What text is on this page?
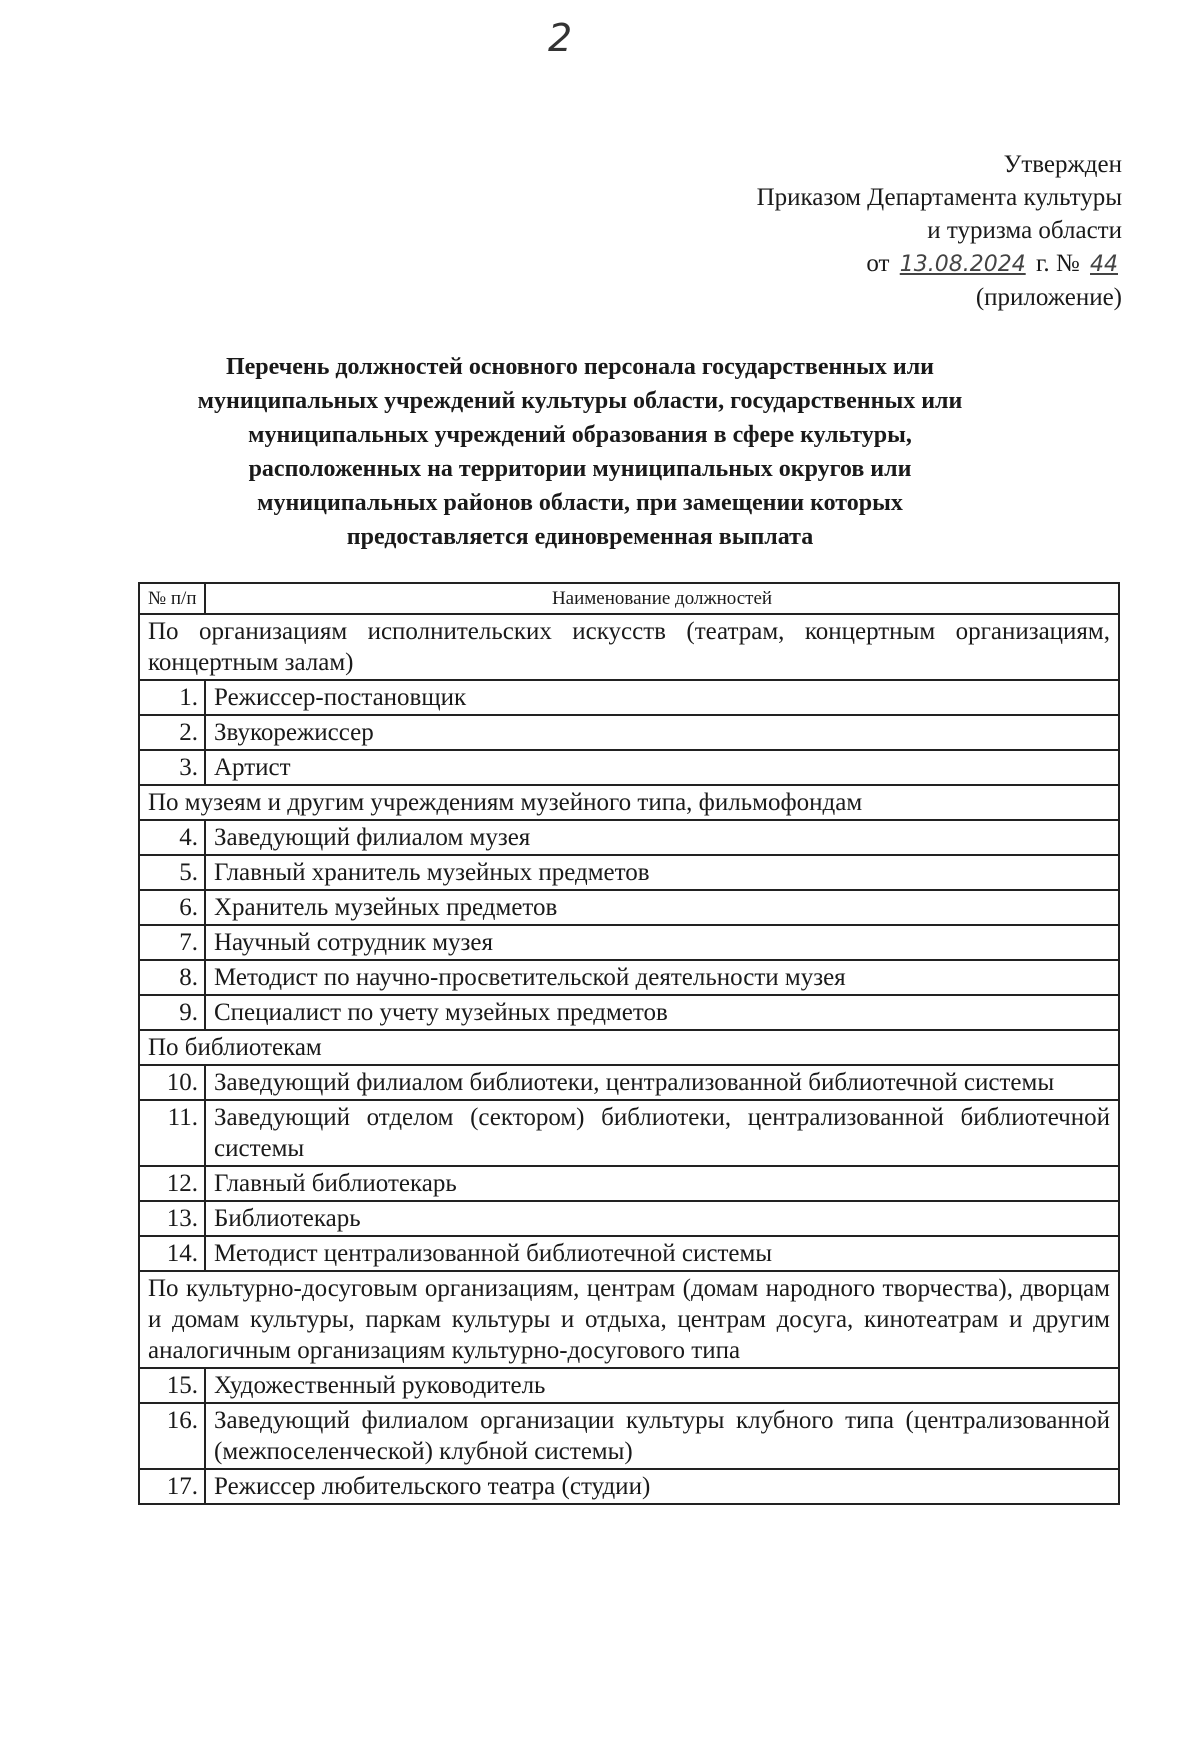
2
Утвержден
Приказом Департамента культуры
и туризма области
от 13.08.2024 г. № 44
(приложение)
Перечень должностей основного персонала государственных или
муниципальных учреждений культуры области, государственных или
муниципальных учреждений образования в сфере культуры,
расположенных на территории муниципальных округов или
муниципальных районов области, при замещении которых
предоставляется единовременная выплата
№ п/п	Наименование должностей
По организациям исполнительских искусств (театрам, концертным организациям, концертным залам)	
1.	Режиссер-постановщик
2.	Звукорежиссер
3.	Артист
По музеям и другим учреждениям музейного типа, фильмофондам	
4.	Заведующий филиалом музея
5.	Главный хранитель музейных предметов
6.	Хранитель музейных предметов
7.	Научный сотрудник музея
8.	Методист по научно-просветительской деятельности музея
9.	Специалист по учету музейных предметов
По библиотекам	
10.	Заведующий филиалом библиотеки, централизованной библиотечной системы
11.	Заведующий отделом (сектором) библиотеки, централизованной библиотечной системы
12.	Главный библиотекарь
13.	Библиотекарь
14.	Методист централизованной библиотечной системы
По культурно-досуговым организациям, центрам (домам народного творчества), дворцам и домам культуры, паркам культуры и отдыха, центрам досуга, кинотеатрам и другим аналогичным организациям культурно-досугового типа	
15.	Художественный руководитель
16.	Заведующий филиалом организации культуры клубного типа (централизованной (межпоселенческой) клубной системы)
17.	Режиссер любительского театра (студии)
